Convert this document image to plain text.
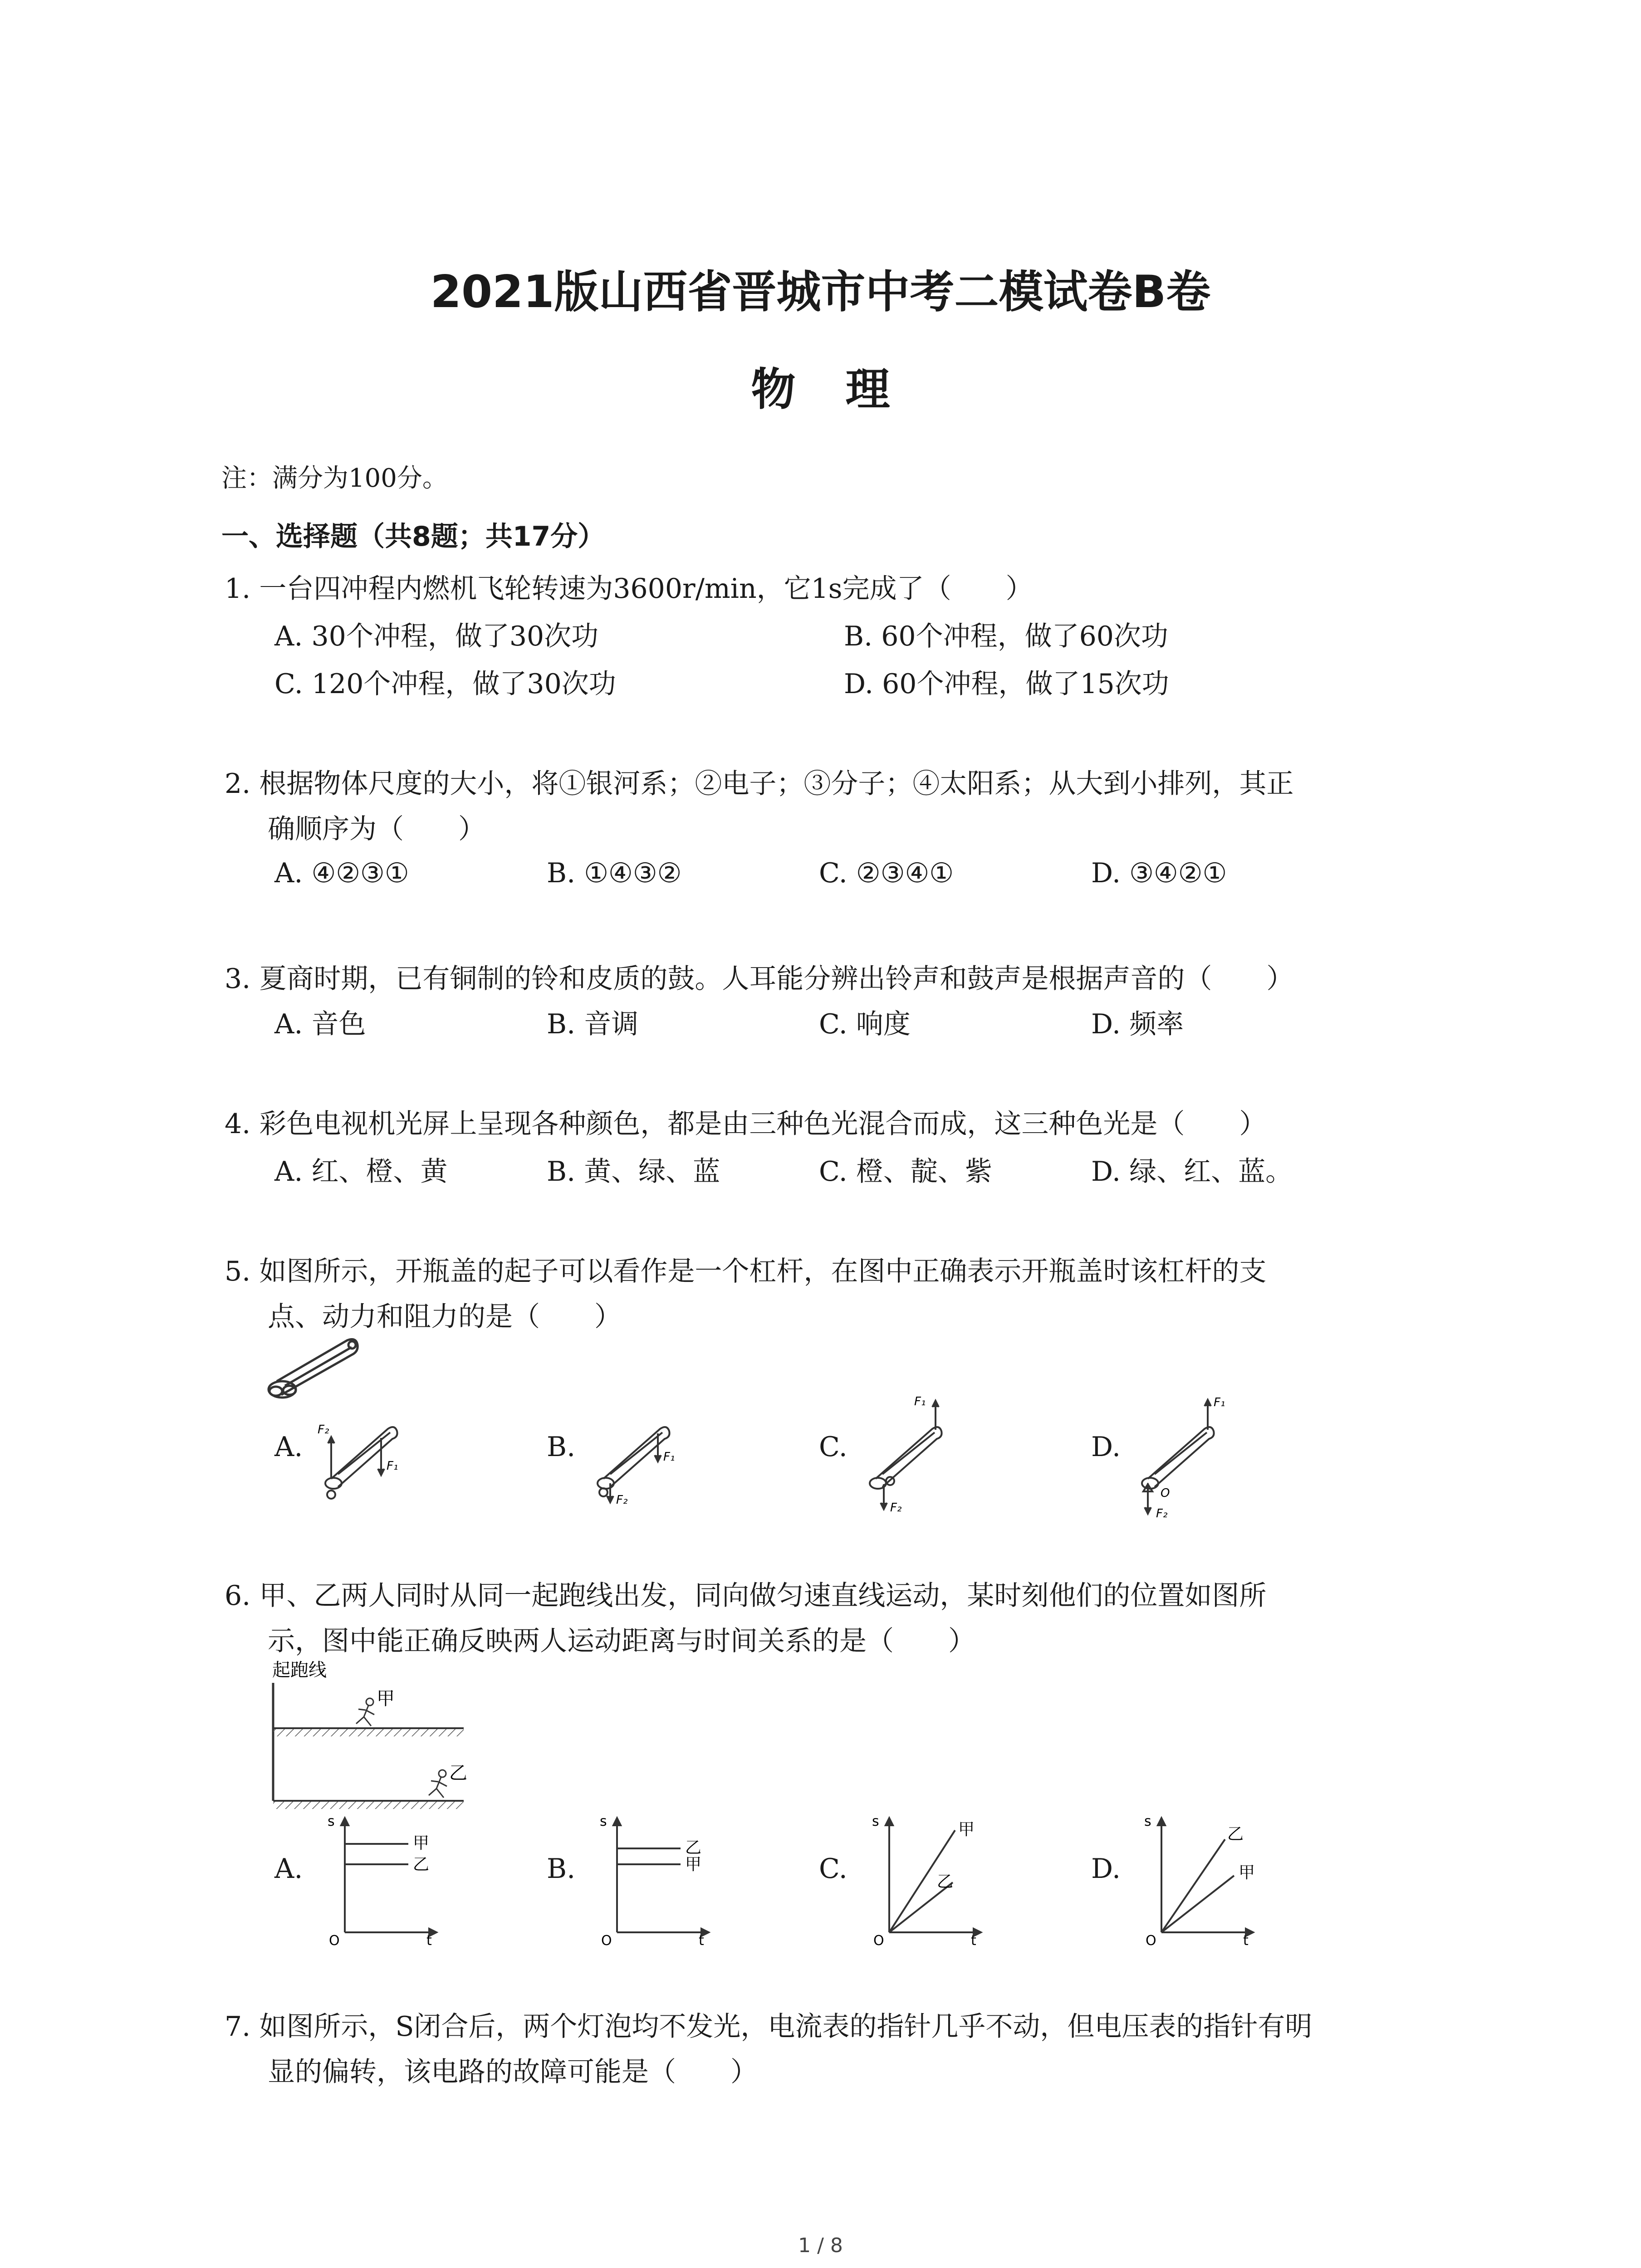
2021版山西省晋城市中考二模试卷B卷
物理
注：满分为100分。
一、选择题（共8题；共17分）
1. 一台四冲程内燃机飞轮转速为3600r/min，它1s完成了（　　）
A. 30个冲程，做了30次功	B. 60个冲程，做了60次功
C. 120个冲程，做了30次功	D. 60个冲程，做了15次功
2. 根据物体尺度的大小，将①银河系；②电子；③分子；④太阳系；从大到小排列，其正
确顺序为（　　）
A. ④②③①	B. ①④③②	C. ②③④①	D. ③④②①
3. 夏商时期，已有铜制的铃和皮质的鼓。人耳能分辨出铃声和鼓声是根据声音的（　　）
A. 音色	B. 音调	C. 响度	D. 频率
4. 彩色电视机光屏上呈现各种颜色，都是由三种色光混合而成，这三种色光是（　　）
A. 红、橙、黄	B. 黄、绿、蓝	C. 橙、靛、紫	D. 绿、红、蓝。
5. 如图所示，开瓶盖的起子可以看作是一个杠杆，在图中正确表示开瓶盖时该杠杆的支
点、动力和阻力的是（　　）
A.	B.	C.	D.
F₂
F₁
F₁
F₂
F₁
F₂
F₁
O
F₂
6. 甲、乙两人同时从同一起跑线出发，同向做匀速直线运动，某时刻他们的位置如图所
示，图中能正确反映两人运动距离与时间关系的是（　　）
起跑线
甲
乙
A.	B.	C.	D.
s
甲
乙
O	t
s
乙
甲
O	t
s	甲
乙
O	t
s
乙
甲
O	t
7. 如图所示，S闭合后，两个灯泡均不发光，电流表的指针几乎不动，但电压表的指针有明
显的偏转，该电路的故障可能是（　　）
1 / 8
